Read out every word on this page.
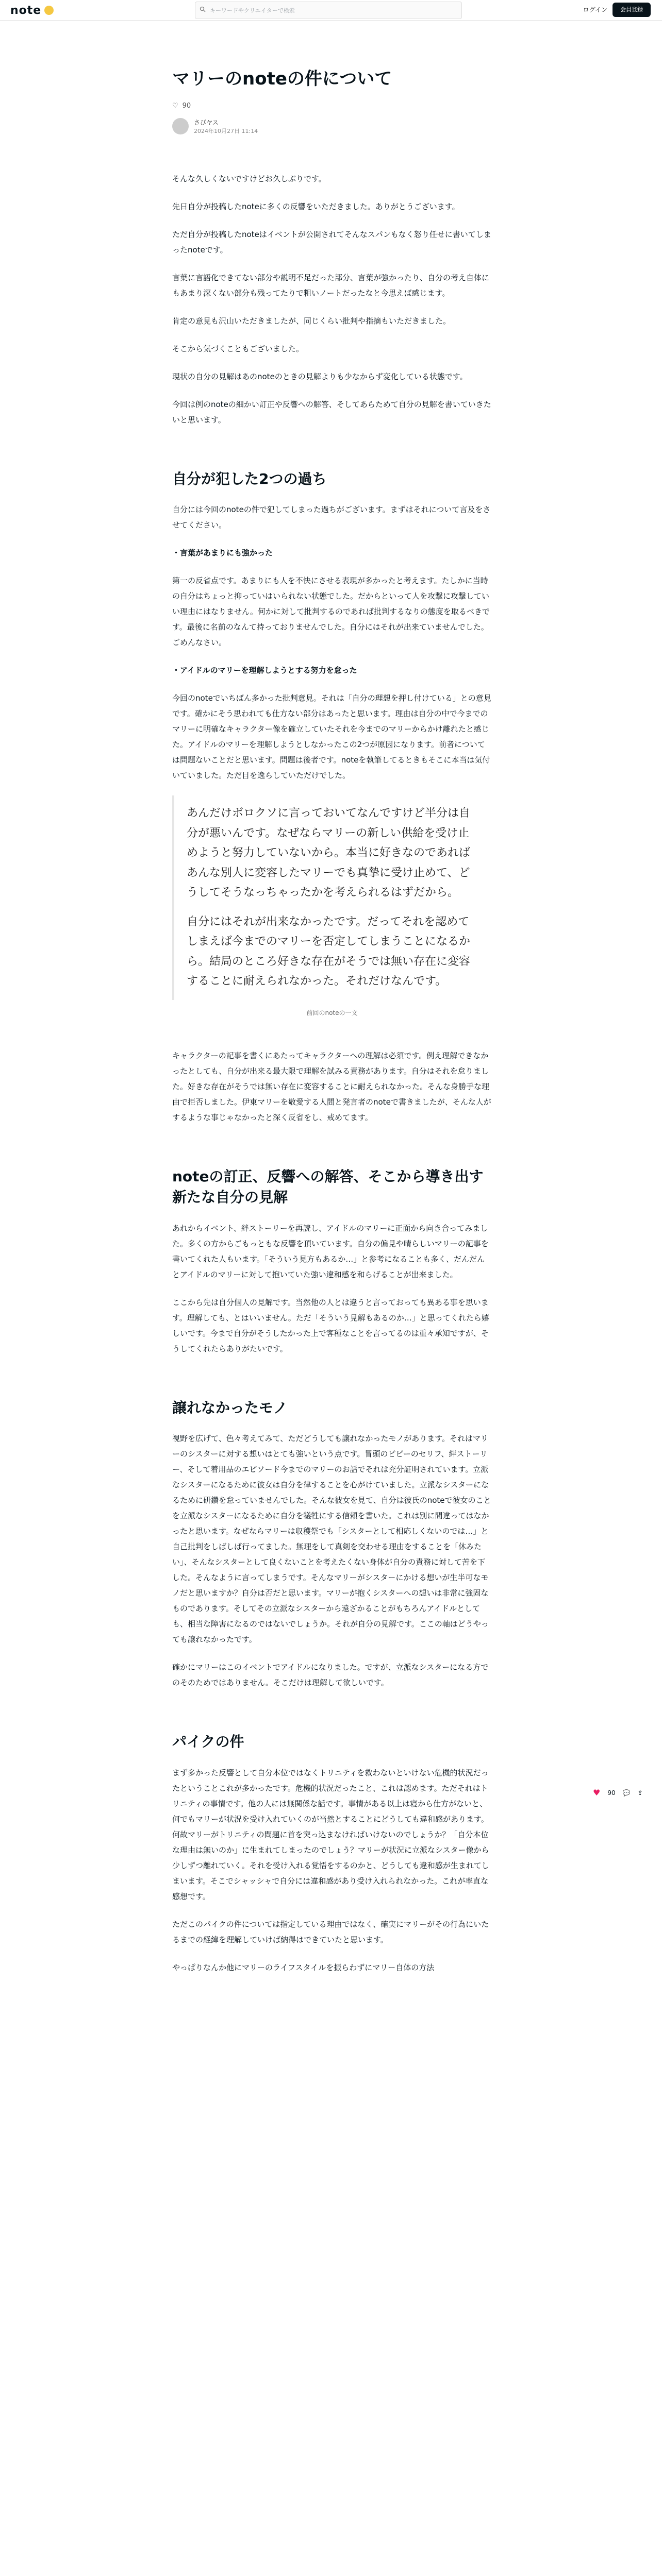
note	キーワードやクリエイターで検索	ログイン	会員登録
マリーのnoteの件について
♡ 90
さびヤス
2024年10月27日 11:14

そんな久しくないですけどお久しぶりです。

先日自分が投稿したnoteに多くの反響をいただきました。ありがとうございます。

ただ自分が投稿したnoteはイベントが公開されてそんなスパンもなく怒り任せに書いてしまったnoteです。

言葉に言語化できてない部分や説明不足だった部分、言葉が強かったり、自分の考え自体にもあまり深くない部分も残ってたりで粗いノートだったなと今思えば感じます。

肯定の意見も沢山いただきましたが、同じくらい批判や指摘もいただきました。

そこから気づくこともございました。

現状の自分の見解はあのnoteのときの見解よりも少なからず変化している状態です。

今回は例のnoteの細かい訂正や反響への解答、そしてあらためて自分の見解を書いていきたいと思います。

自分が犯した2つの過ち

自分には今回のnoteの件で犯してしまった過ちがございます。まずはそれについて言及をさせてください。

・言葉があまりにも強かった

第一の反省点です。あまりにも人を不快にさせる表現が多かったと考えます。たしかに当時の自分はちょっと抑っていはいられない状態でした。だからといって人を攻撃に攻撃していい理由にはなりません。何かに対して批判するのであれば批判するなりの態度を取るべきです。最後に名前のなんて持っておりませんでした。自分にはそれが出来ていませんでした。ごめんなさい。

・アイドルのマリーを理解しようとする努力を怠った

今回のnoteでいちばん多かった批判意見。それは「自分の理想を押し付けている」との意見です。確かにそう思われても仕方ない部分はあったと思います。理由は自分の中で今までのマリーに明確なキャラクター像を確立していたそれを今までのマリーからかけ離れたと感じた。アイドルのマリーを理解しようとしなかったこの2つが原因になります。前者については問題ないことだと思います。問題は後者です。noteを執筆してるときもそこに本当は気付いていました。ただ目を逸らしていただけでした。

あんだけボロクソに言っておいてなんですけど半分は自分が悪いんです。なぜならマリーの新しい供給を受け止めようと努力していないから。本当に好きなのであればあんな別人に変容したマリーでも真摯に受け止めて、どうしてそうなっちゃったかを考えられるはずだから。
自分にはそれが出来なかったです。だってそれを認めてしまえば今までのマリーを否定してしまうことになるから。結局のところ好きな存在がそうでは無い存在に変容することに耐えられなかった。それだけなんです。
前回のnoteの一文

キャラクターの記事を書くにあたってキャラクターへの理解は必須です。例え理解できなかったとしても、自分が出来る最大限で理解を試みる責務があります。自分はそれを怠りました。好きな存在がそうでは無い存在に変容することに耐えられなかった。そんな身勝手な理由で拒否しました。伊東マリーを敬愛する人間と発言者のnoteで書きましたが、そんな人がするような事じゃなかったと深く反省をし、戒めてます。

noteの訂正、反響への解答、そこから導き出す新たな自分の見解

あれからイベント、絆ストーリーを再読し、アイドルのマリーに正面から向き合ってみました。多くの方からごもっともな反響を頂いています。自分の偏見や晴らしいマリーの記事を書いてくれた人もいます。「そういう見方もあるか…」と参考になることも多く、だんだんとアイドルのマリーに対して抱いていた強い違和感を和らげることが出来ました。

ここから先は自分個人の見解です。当然他の人とは違うと言っておっても異ある事を思います。理解しても、とはいいません。ただ「そういう見解もあるのか…」と思ってくれたら嬉しいです。今まで自分がそうしたかった上で客種なことを言ってるのは重々承知ですが、そうしてくれたらありがたいです。

譲れなかったモノ

視野を広げて、色々考えてみて、ただどうしても譲れなかったモノがあります。それはマリーのシスターに対する想いはとても強いという点です。冒頭のピピーのセリフ、絆ストーリー、そして着用品のエピソード今までのマリーのお話でそれは充分証明されています。立派なシスターになるために彼女は自分を律することを心がけていました。立派なシスターになるために研鑽を怠っていませんでした。そんな彼女を見て、自分は彼氏のnoteで彼女のことを立派なシスターになるために自分を犠牲にする信頼を書いた。これは別に間違ってはなかったと思います。なぜならマリーは収穫祭でも「シスターとして相応しくないのでは…」と自己批判をしばしば行ってました。無理をして真剣を交わせる理由をすることを「休みたい」、そんなシスターとして良くないことを考えたくない身体が自分の責務に対して苦を下した。そんなように言ってしまうです。そんなマリーがシスターにかける想いが生半可なモノだと思いますか？自分は否だと思います。マリーが抱くシスターへの想いは非常に強固なものであります。そしてその立派なシスターから遠ざかることがもちろんアイドルとしても、相当な障害になるのではないでしょうか。それが自分の見解です。ここの軸はどうやっても譲れなかったです。

確かにマリーはこのイベントでアイドルになりました。ですが、立派なシスターになる方でのそのためではありません。そこだけは理解して欲しいです。

パイクの件

まず多かった反響として自分本位ではなくトリニティを救わないといけない危機的状況だったということこれが多かったです。危機的状況だったこと、これは認めます。ただそれはトリニティの事情です。他の人には無関係な話です。事情がある以上は寝から仕方がないと、何でもマリーが状況を受け入れていくのが当然とすることにどうしても違和感があります。何故マリーがトリニティの問題に首を突っ込まなければいけないのでしょうか？「自分本位な理由は無いのか」に生まれてしまったのでしょう？マリーが状況に立派なシスター像から少しずつ離れていく。それを受け入れる覚悟をするのかと、どうしても違和感が生まれてしまいます。そこでシャッシャで自分には違和感があり受け入れられなかった。これが率直な感想です。

ただこのパイクの件については指定している理由ではなく、確実にマリーがその行為にいたるまでの経緯を理解していけば納得はできていたと思います。

やっぱりなんか他にマリーのライフスタイルを振らわずにマリー自体の方法

♥ 90 💬 ⇪
